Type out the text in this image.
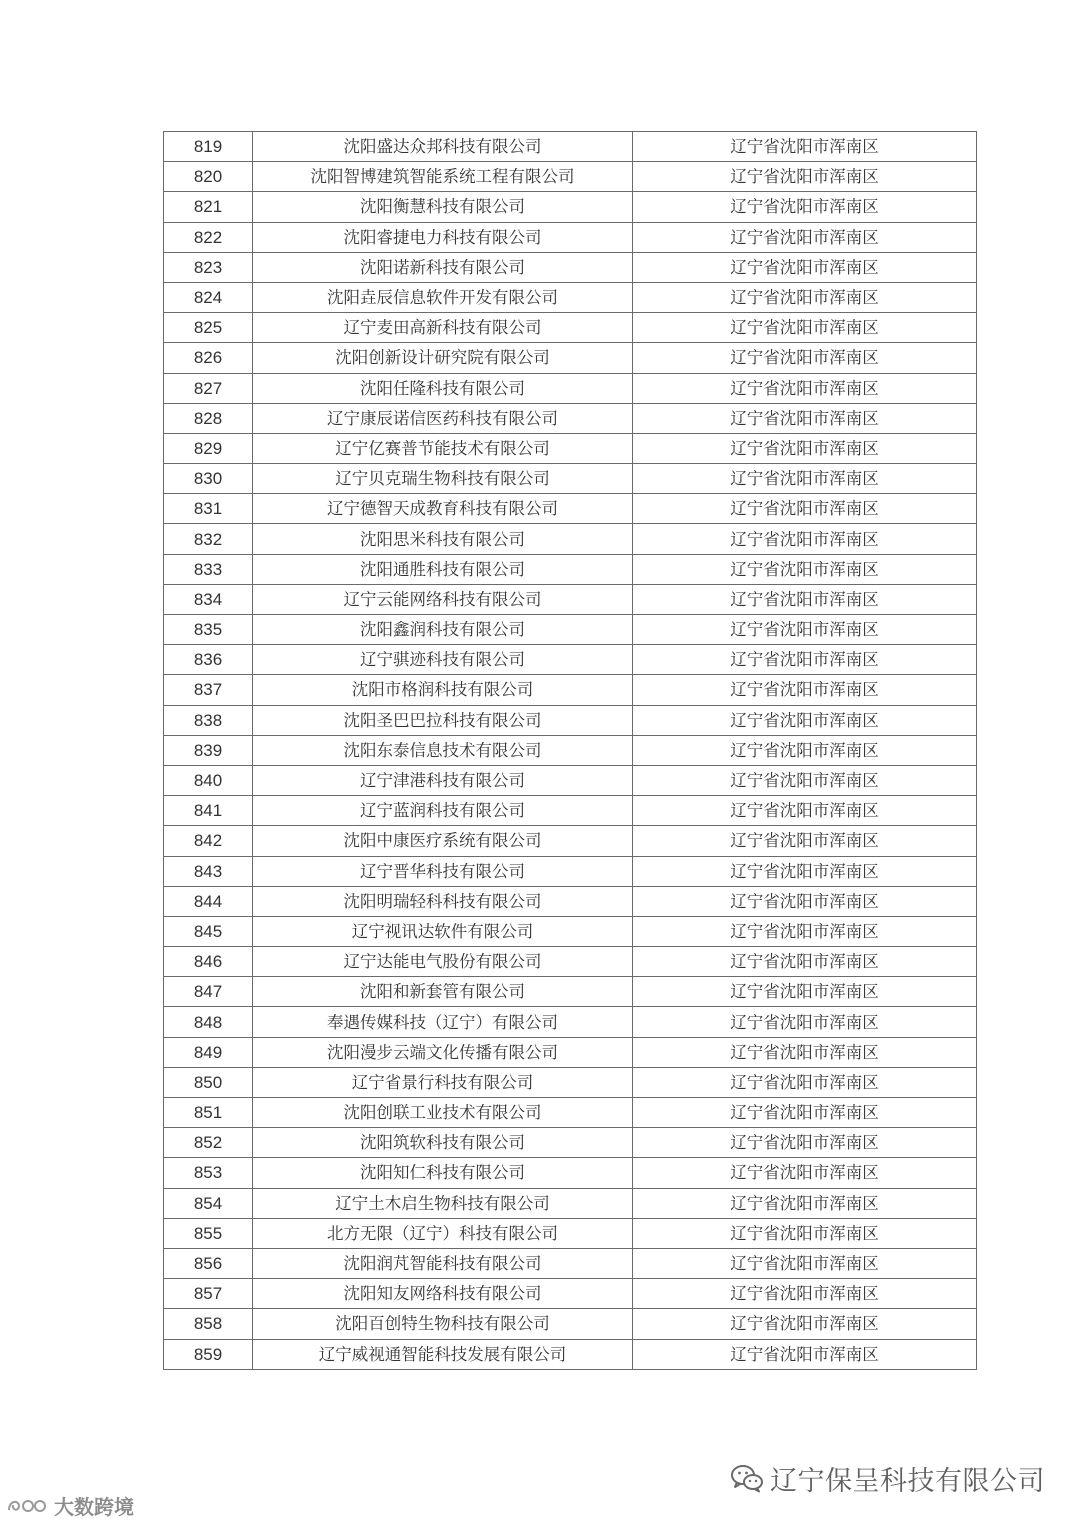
819	沈阳盛达众邦科技有限公司	辽宁省沈阳市浑南区
820	沈阳智博建筑智能系统工程有限公司	辽宁省沈阳市浑南区
821	沈阳衡慧科技有限公司	辽宁省沈阳市浑南区
822	沈阳睿捷电力科技有限公司	辽宁省沈阳市浑南区
823	沈阳诺新科技有限公司	辽宁省沈阳市浑南区
824	沈阳垚辰信息软件开发有限公司	辽宁省沈阳市浑南区
825	辽宁麦田高新科技有限公司	辽宁省沈阳市浑南区
826	沈阳创新设计研究院有限公司	辽宁省沈阳市浑南区
827	沈阳任隆科技有限公司	辽宁省沈阳市浑南区
828	辽宁康辰诺信医药科技有限公司	辽宁省沈阳市浑南区
829	辽宁亿赛普节能技术有限公司	辽宁省沈阳市浑南区
830	辽宁贝克瑞生物科技有限公司	辽宁省沈阳市浑南区
831	辽宁德智天成教育科技有限公司	辽宁省沈阳市浑南区
832	沈阳思米科技有限公司	辽宁省沈阳市浑南区
833	沈阳通胜科技有限公司	辽宁省沈阳市浑南区
834	辽宁云能网络科技有限公司	辽宁省沈阳市浑南区
835	沈阳鑫润科技有限公司	辽宁省沈阳市浑南区
836	辽宁骐迹科技有限公司	辽宁省沈阳市浑南区
837	沈阳市格润科技有限公司	辽宁省沈阳市浑南区
838	沈阳圣巴巴拉科技有限公司	辽宁省沈阳市浑南区
839	沈阳东泰信息技术有限公司	辽宁省沈阳市浑南区
840	辽宁津港科技有限公司	辽宁省沈阳市浑南区
841	辽宁蓝润科技有限公司	辽宁省沈阳市浑南区
842	沈阳中康医疗系统有限公司	辽宁省沈阳市浑南区
843	辽宁晋华科技有限公司	辽宁省沈阳市浑南区
844	沈阳明瑞轻科科技有限公司	辽宁省沈阳市浑南区
845	辽宁视讯达软件有限公司	辽宁省沈阳市浑南区
846	辽宁达能电气股份有限公司	辽宁省沈阳市浑南区
847	沈阳和新套管有限公司	辽宁省沈阳市浑南区
848	奉遇传媒科技（辽宁）有限公司	辽宁省沈阳市浑南区
849	沈阳漫步云端文化传播有限公司	辽宁省沈阳市浑南区
850	辽宁省景行科技有限公司	辽宁省沈阳市浑南区
851	沈阳创联工业技术有限公司	辽宁省沈阳市浑南区
852	沈阳筑软科技有限公司	辽宁省沈阳市浑南区
853	沈阳知仁科技有限公司	辽宁省沈阳市浑南区
854	辽宁土木启生物科技有限公司	辽宁省沈阳市浑南区
855	北方无限（辽宁）科技有限公司	辽宁省沈阳市浑南区
856	沈阳润芃智能科技有限公司	辽宁省沈阳市浑南区
857	沈阳知友网络科技有限公司	辽宁省沈阳市浑南区
858	沈阳百创特生物科技有限公司	辽宁省沈阳市浑南区
859	辽宁威视通智能科技发展有限公司	辽宁省沈阳市浑南区
辽宁保呈科技有限公司
大数跨境
